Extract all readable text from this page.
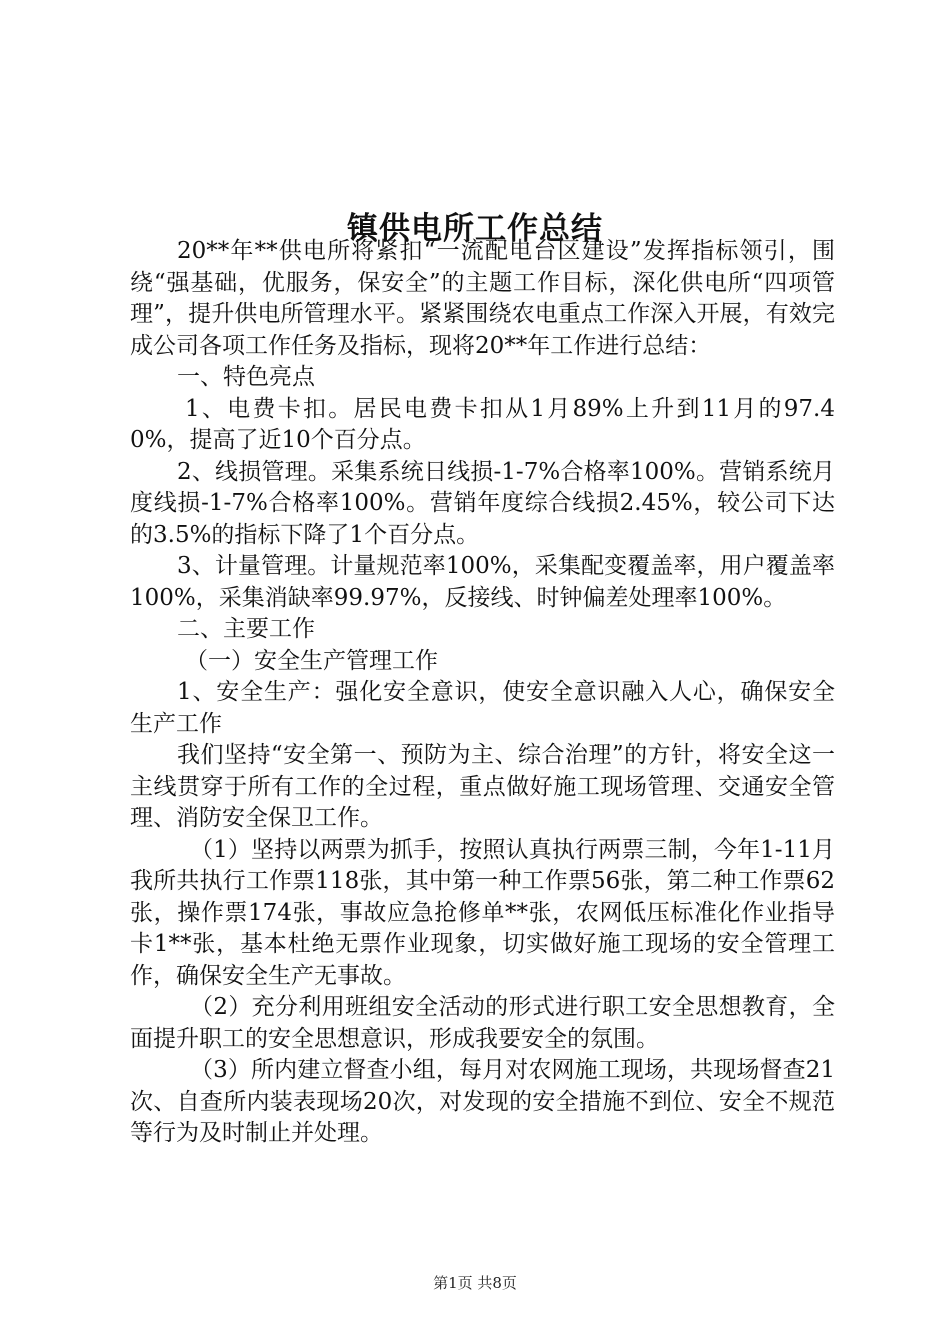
镇供电所工作总结

20**年**供电所将紧扣“一流配电台区建设”发挥指标领引，围绕“强基础，优服务，保安全”的主题工作目标，深化供电所“四项管理”，提升供电所管理水平。紧紧围绕农电重点工作深入开展，有效完成公司各项工作任务及指标，现将20**年工作进行总结：

一、特色亮点

1、电费卡扣。居民电费卡扣从1月89%上升到11月的97.40%，提高了近10个百分点。

2、线损管理。采集系统日线损-1-7%合格率100%。营销系统月度线损-1-7%合格率100%。营销年度综合线损2.45%，较公司下达的3.5%的指标下降了1个百分点。

3、计量管理。计量规范率100%，采集配变覆盖率，用户覆盖率100%，采集消缺率99.97%，反接线、时钟偏差处理率100%。

二、主要工作

（一）安全生产管理工作

1、安全生产：强化安全意识，使安全意识融入人心，确保安全生产工作

我们坚持“安全第一、预防为主、综合治理”的方针，将安全这一主线贯穿于所有工作的全过程，重点做好施工现场管理、交通安全管理、消防安全保卫工作。

（1）坚持以两票为抓手，按照认真执行两票三制，今年1-11月我所共执行工作票118张，其中第一种工作票56张，第二种工作票62张，操作票174张，事故应急抢修单**张，农网低压标准化作业指导卡1**张，基本杜绝无票作业现象，切实做好施工现场的安全管理工作，确保安全生产无事故。

（2）充分利用班组安全活动的形式进行职工安全思想教育，全面提升职工的安全思想意识，形成我要安全的氛围。

（3）所内建立督查小组，每月对农网施工现场，共现场督查21次、自查所内装表现场20次，对发现的安全措施不到位、安全不规范等行为及时制止并处理。

第1页 共8页
